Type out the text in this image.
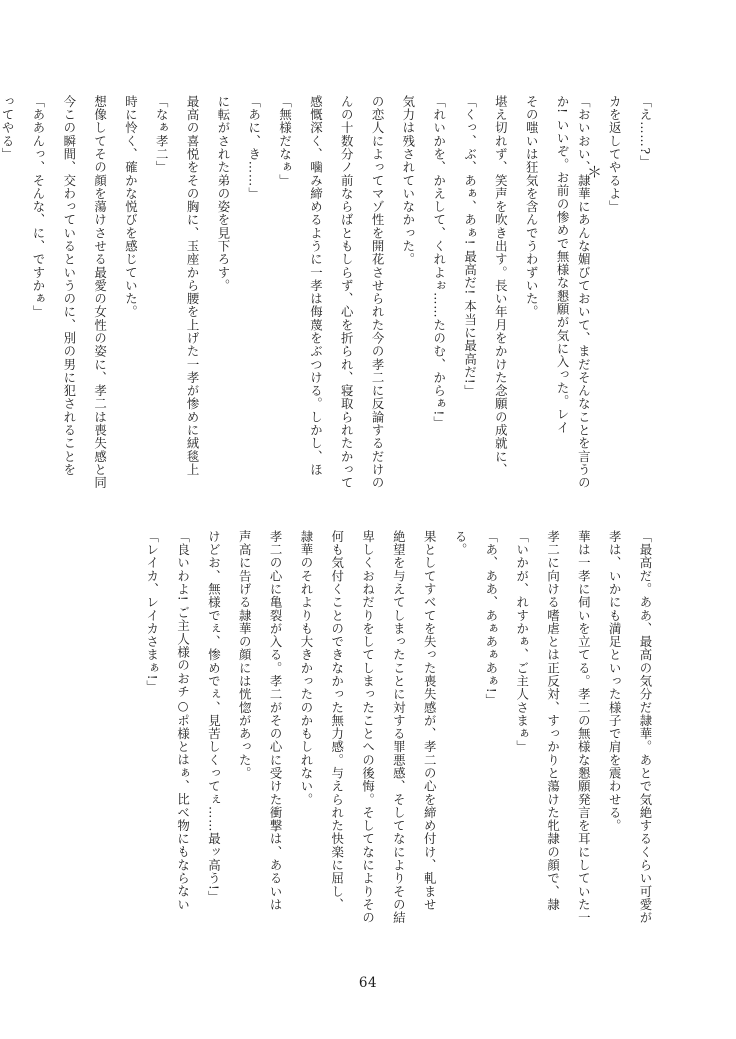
＊
ってやる」 「ああんっ、そんな、に、ですかぁ」 今この瞬間、交わっているというのに、別の男に犯されることを 想像してその顔を蕩けさせる最愛の女性の姿に、孝二は喪失感と同 時に怜く、確かな悦びを感じていた。 「なぁ孝二」 最高の喜悦をその胸に、玉座から腰を上げた一孝が惨めに絨毯上 に転がされた弟の姿を見下ろす。 「あに、き……」 「無様だなぁ」 感慨深く、噛み締めるように一孝は侮蔑をぶつける。しかし、ほ んの十数分ノ前ならばともしらず、心を折られ、寝取られたかって の恋人によってマゾ性を開花させられた今の孝二に反論するだけの 気力は残されていなかった。 「れいかを、かえして、くれよぉ……たのむ、からぁ!」 「くっ、ぶ、あぁ、あぁ! 最高だ! 本当に最高だ!」 堪え切れず、笑声を吹き出す。長い年月をかけた念願の成就に、 その嗤いは狂気を含んでうわずいた。	「おいおい、隷華にあんな媚びておいて、まだそんなことを言うのか! いいぞ。お前の惨めで無様な懇願が気に入った。レイ	カを返してやるよ」 「え……?」
「レイカ、レイカさまぁ!」 「良いわよ! ご主人様のおチ○ポ様とはぁ、比べ物にもならない けどお、無様でぇ、惨めでぇ、見苦しくってぇ……最ッ高う!」 声高に告げる隷華の顔には恍惚があった。 孝二の心に亀裂が入る。孝二がその心に受けた衝撃は、あるいは 隷華のそれよりも大きかったのかもしれない。 何も気付くことのできなかった無力感。与えられた快楽に屈し、 卑しくおねだりをしてしまったことへの後悔。そしてなによりその 絶望を与えてしまったことに対する罪悪感、そしてなによりその結 果としてすべてを失った喪失感が、孝二の心を締め付け、軋ませ る。 「あ、ああ、あぁあぁあぁ!」 「いかが、れすかぁ、ご主人さまぁ」 孝二に向ける嗜虐とは正反対、すっかりと蕩けた牝隷の顔で、隷 華は一孝に伺いを立てる。孝二の無様な懇願発言を耳にしていた一 孝は、いかにも満足といった様子で肩を震わせる。 「最高だ。ああ、最高の気分だ隷華。あとで気絶するくらい可愛が
64
